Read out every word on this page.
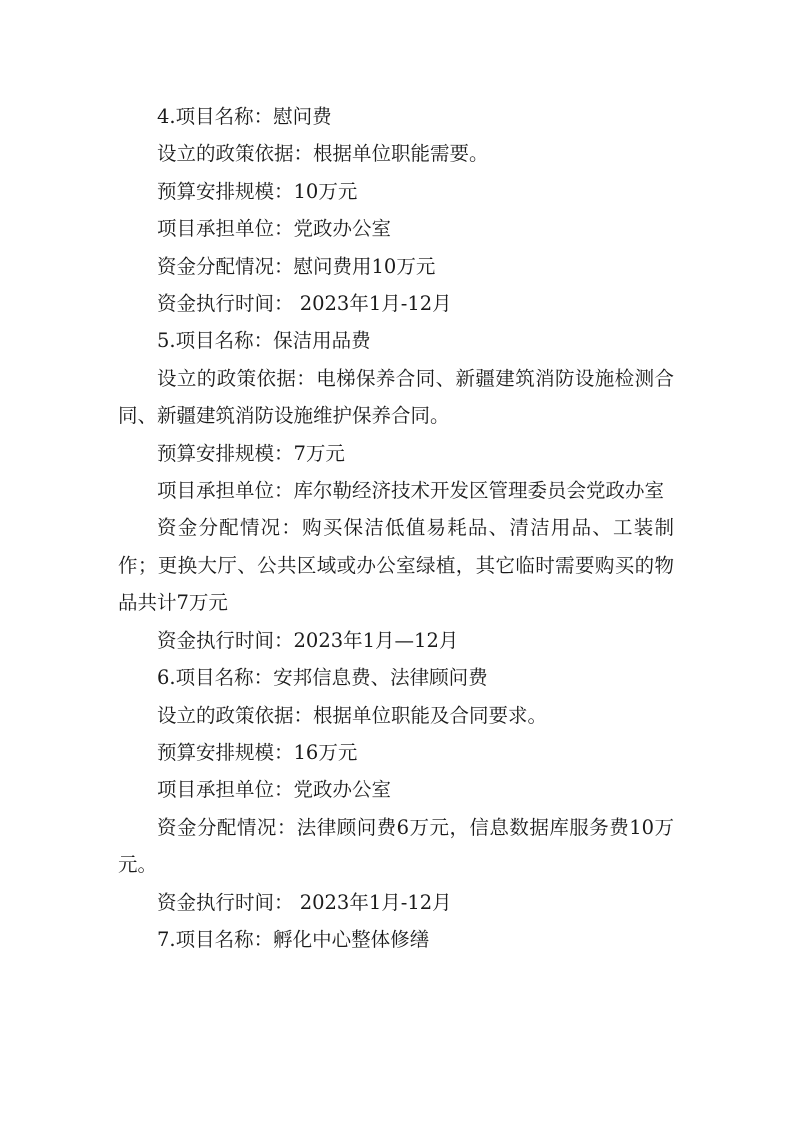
4.项目名称：慰问费

设立的政策依据：根据单位职能需要。

预算安排规模：10万元

项目承担单位：党政办公室

资金分配情况：慰问费用10万元

资金执行时间： 2023年1月-12月

5.项目名称：保洁用品费

设立的政策依据：电梯保养合同、新疆建筑消防设施检测合同、新疆建筑消防设施维护保养合同。

预算安排规模：7万元

项目承担单位：库尔勒经济技术开发区管理委员会党政办室

资金分配情况：购买保洁低值易耗品、清洁用品、工装制作；更换大厅、公共区域或办公室绿植，其它临时需要购买的物品共计7万元

资金执行时间：2023年1月—12月

6.项目名称：安邦信息费、法律顾问费

设立的政策依据：根据单位职能及合同要求。

预算安排规模：16万元

项目承担单位：党政办公室

资金分配情况：法律顾问费6万元，信息数据库服务费10万元。

资金执行时间： 2023年1月-12月

7.项目名称：孵化中心整体修缮
